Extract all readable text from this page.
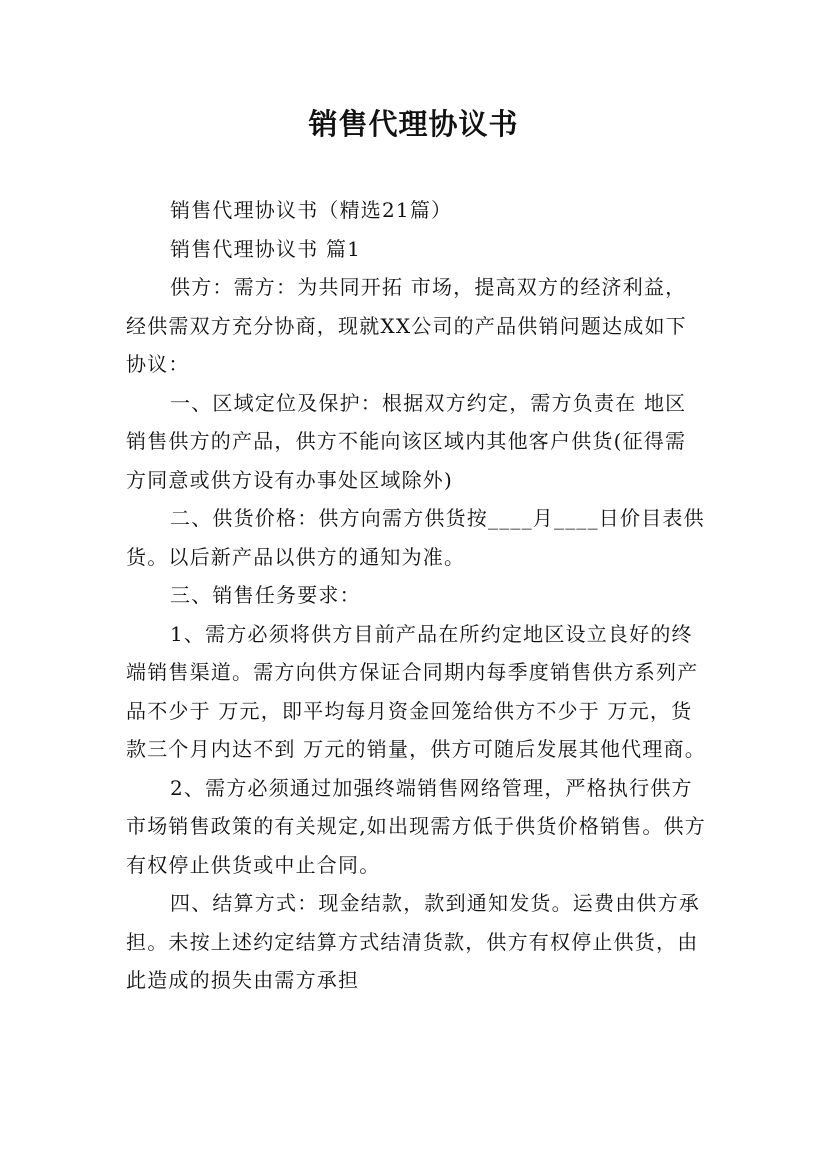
销售代理协议书

销售代理协议书（精选21篇）

销售代理协议书 篇1

供方：需方：为共同开拓 市场，提高双方的经济利益，经供需双方充分协商，现就XX公司的产品供销问题达成如下协议：

一、区域定位及保护：根据双方约定，需方负责在 地区销售供方的产品，供方不能向该区域内其他客户供货(征得需方同意或供方设有办事处区域除外)

二、供货价格：供方向需方供货按____月____日价目表供货。以后新产品以供方的通知为准。

三、销售任务要求：

1、需方必须将供方目前产品在所约定地区设立良好的终端销售渠道。需方向供方保证合同期内每季度销售供方系列产品不少于 万元，即平均每月资金回笼给供方不少于 万元，货款三个月内达不到 万元的销量，供方可随后发展其他代理商。

2、需方必须通过加强终端销售网络管理，严格执行供方市场销售政策的有关规定,如出现需方低于供货价格销售。供方有权停止供货或中止合同。

四、结算方式：现金结款，款到通知发货。运费由供方承担。未按上述约定结算方式结清货款，供方有权停止供货，由此造成的损失由需方承担
